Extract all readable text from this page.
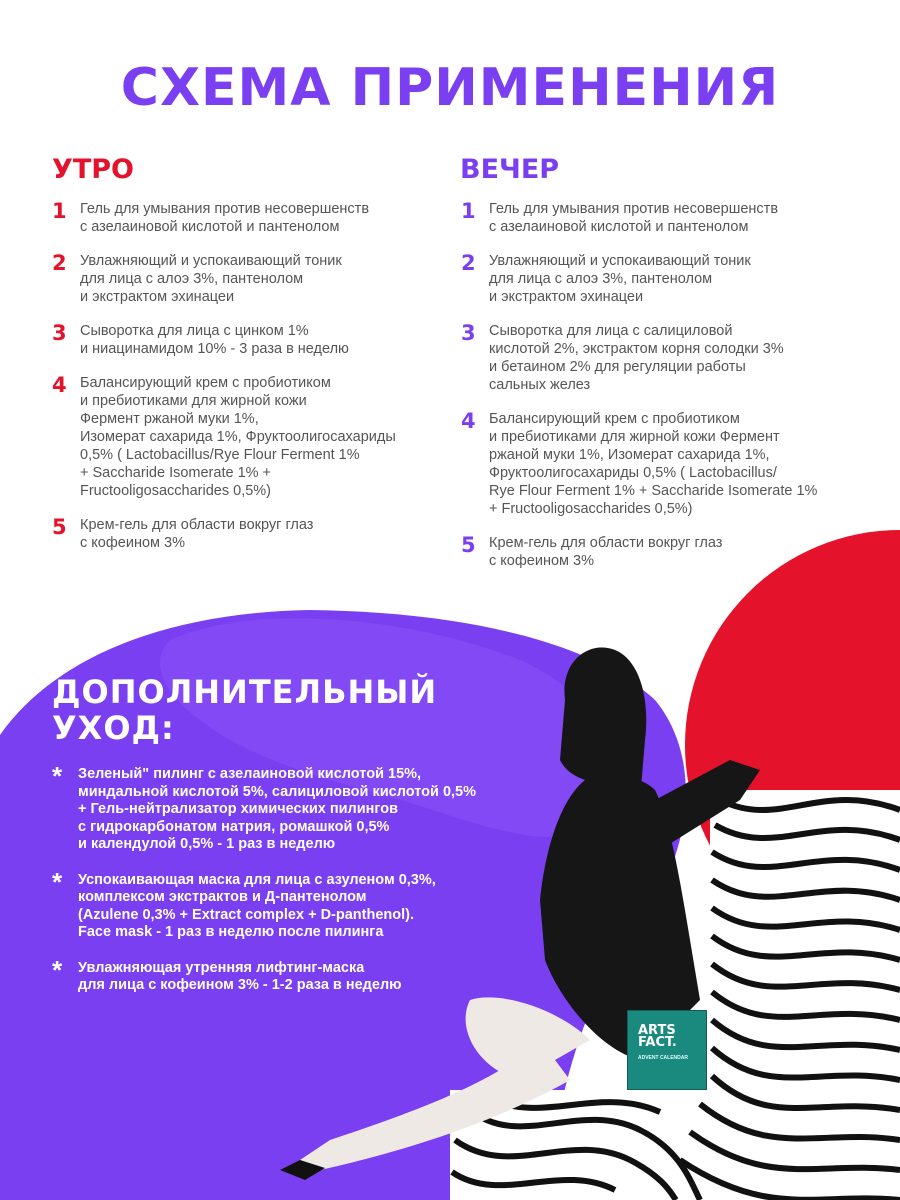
СХЕМА ПРИМЕНЕНИЯ
УТРО	ВЕЧЕР
1 Гель для умывания против несовершенств
с азелаиновой кислотой и пантенолом
2 Увлажняющий и успокаивающий тоник
для лица с алоэ 3%, пантенолом
и экстрактом эхинацеи
3 Сыворотка для лица с цинком 1%
и ниацинамидом 10% - 3 раза в неделю
4 Балансирующий крем с пробиотиком
и пребиотиками для жирной кожи
Фермент ржаной муки 1%,
Изомерат сахарида 1%, Фруктоолигосахариды
0,5% ( Lactobacillus/Rye Flour Ferment 1%
+ Saccharide Isomerate 1% +
Fructooligosaccharides 0,5%)
5 Крем-гель для области вокруг глаз
с кофеином 3%
1 Гель для умывания против несовершенств
с азелаиновой кислотой и пантенолом
2 Увлажняющий и успокаивающий тоник
для лица с алоэ 3%, пантенолом
и экстрактом эхинацеи
3 Сыворотка для лица с салициловой
кислотой 2%, экстрактом корня солодки 3%
и бетаином 2% для регуляции работы
сальных желез
4 Балансирующий крем с пробиотиком
и пребиотиками для жирной кожи Фермент
ржаной муки 1%, Изомерат сахарида 1%,
Фруктоолигосахариды 0,5% ( Lactobacillus/
Rye Flour Ferment 1% + Saccharide Isomerate 1%
+ Fructooligosaccharides 0,5%)
5 Крем-гель для области вокруг глаз
с кофеином 3%
ДОПОЛНИТЕЛЬНЫЙ
УХОД:
* Зеленый" пилинг с азелаиновой кислотой 15%,
миндальной кислотой 5%, салициловой кислотой 0,5%
+ Гель-нейтрализатор химических пилингов
с гидрокарбонатом натрия, ромашкой 0,5%
и календулой 0,5% - 1 раз в неделю
* Успокаивающая маска для лица с азуленом 0,3%,
комплексом экстрактов и Д-пантенолом
(Azulene 0,3% + Extract complex + D-panthenol).
Face mask - 1 раз в неделю после пилинга
* Увлажняющая утренняя лифтинг-маска
для лица с кофеином 3% - 1-2 раза в неделю
ARTS
FACT.
ADVENT CALENDAR
